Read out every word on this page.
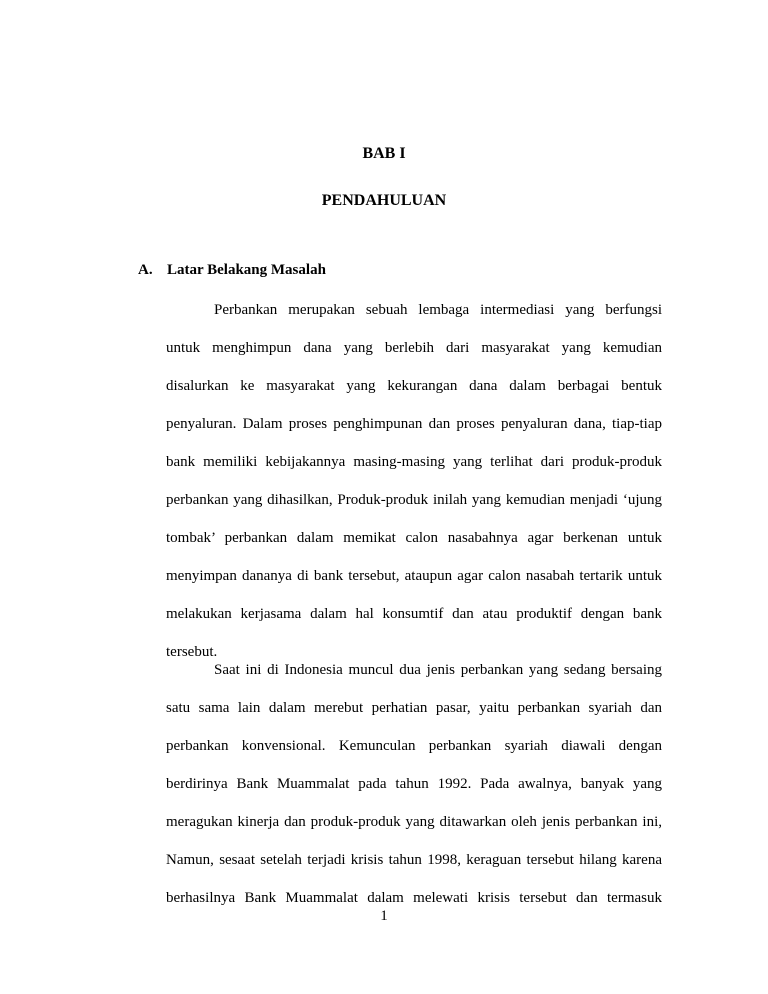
BAB I
PENDAHULUAN
A. Latar Belakang Masalah
Perbankan merupakan sebuah lembaga intermediasi yang berfungsi
untuk menghimpun dana yang berlebih dari masyarakat yang kemudian
disalurkan ke masyarakat yang kekurangan dana dalam berbagai bentuk
penyaluran. Dalam proses penghimpunan dan proses penyaluran dana, tiap-tiap
bank memiliki kebijakannya masing-masing yang terlihat dari produk-produk
perbankan yang dihasilkan, Produk-produk inilah yang kemudian menjadi ‘ujung
tombak’ perbankan dalam memikat calon nasabahnya agar berkenan untuk
menyimpan dananya di bank tersebut, ataupun agar calon nasabah tertarik untuk
melakukan kerjasama dalam hal konsumtif dan atau produktif dengan bank
tersebut.
Saat ini di Indonesia muncul dua jenis perbankan yang sedang bersaing
satu sama lain dalam merebut perhatian pasar, yaitu perbankan syariah dan
perbankan konvensional. Kemunculan perbankan syariah diawali dengan
berdirinya Bank Muammalat pada tahun 1992. Pada awalnya, banyak yang
meragukan kinerja dan produk-produk yang ditawarkan oleh jenis perbankan ini,
Namun, sesaat setelah terjadi krisis tahun 1998, keraguan tersebut hilang karena
1
berhasilnya Bank Muammalat dalam melewati krisis tersebut dan termasuk
